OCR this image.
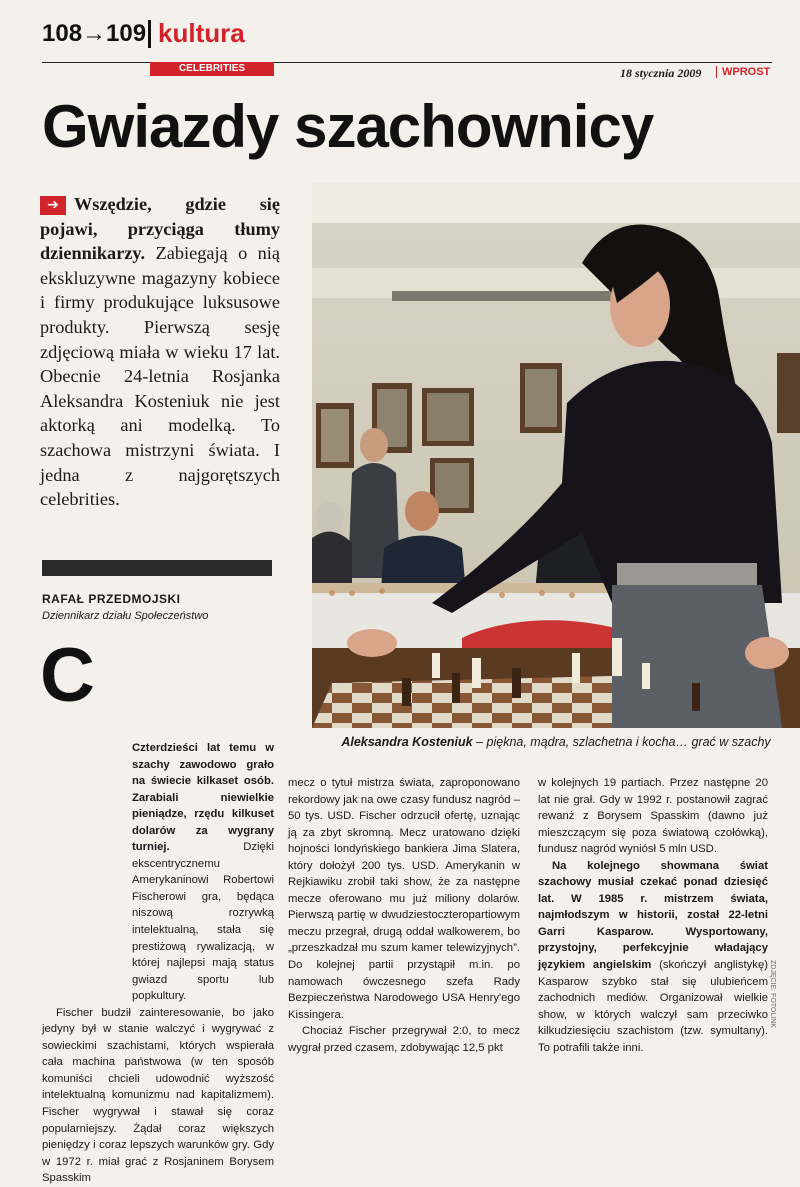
108→109 kultura
CELEBRITIES	18 stycznia 2009 WPROST
Gwiazdy szachownicy
➔ Wszędzie, gdzie się pojawi, przyciąga tłumy dziennikarzy. Zabiegają o nią ekskluzywne magazyny kobiece i firmy produkujące luksusowe produkty. Pierwszą sesję zdjęciową miała w wieku 17 lat. Obecnie 24-letnia Rosjanka Aleksandra Kosteniuk nie jest aktorką ani modelką. To szachowa mistrzyni świata. I jedna z najgorętszych celebrities.
RAFAŁ PRZEDMOJSKI
Dziennikarz działu Społeczeństwo
C
Aleksandra Kosteniuk – piękna, mądra, szlachetna i kocha… grać w szachy

Czterdzieści lat temu w szachy zawodowo grało na świecie kilkaset osób. Zarabiali niewielkie pieniądze, rzędu kilkuset dolarów za wygrany turniej. Dzięki ekscentrycznemu Amerykaninowi Robertowi Fischerowi gra, będąca niszową rozrywką intelektualną, stała się prestiżową rywalizacją, w której najlepsi mają status gwiazd sportu lub popkultury.

Fischer budził zainteresowanie, bo jako jedyny był w stanie walczyć i wygrywać z sowieckimi szachistami, których wspierała cała machina państwowa (w ten sposób komuniści chcieli udowodnić wyższość intelektualną komunizmu nad kapitalizmem). Fischer wygrywał i stawał się coraz popularniejszy. Żądał coraz większych pieniędzy i coraz lepszych warunków gry. Gdy w 1972 r. miał grać z Rosjaninem Borysem Spasskim

mecz o tytuł mistrza świata, zaproponowano rekordowy jak na owe czasy fundusz nagród – 50 tys. USD. Fischer odrzucił ofertę, uznając ją za zbyt skromną. Mecz uratowano dzięki hojności londyńskiego bankiera Jima Slatera, który dołożył 200 tys. USD. Amerykanin w Rejkiawiku zrobił taki show, że za następne mecze oferowano mu już miliony dolarów. Pierwszą partię w dwudziestoczteropartiowym meczu przegrał, drugą oddał walkowerem, bo „przeszkadzał mu szum kamer telewizyjnych”. Do kolejnej partii przystąpił m.in. po namowach ówczesnego szefa Rady Bezpieczeństwa Narodowego USA Henry'ego Kissingera.

Chociaż Fischer przegrywał 2:0, to mecz wygrał przed czasem, zdobywając 12,5 pkt

w kolejnych 19 partiach. Przez następne 20 lat nie grał. Gdy w 1992 r. postanowił zagrać rewanż z Borysem Spasskim (dawno już mieszczącym się poza światową czołówką), fundusz nagród wyniósł 5 mln USD.

Na kolejnego showmana świat szachowy musiał czekać ponad dziesięć lat. W 1985 r. mistrzem świata, najmłodszym w historii, został 22-letni Garri Kasparow. Wysportowany, przystojny, perfekcyjnie władający językiem angielskim (skończył anglistykę) Kasparow szybko stał się ulubieńcem zachodnich mediów. Organizował wielkie show, w których walczył sam przeciwko kilkudziesięciu szachistom (tzw. symultany). To potrafili także inni.

ZDJĘCIE: FOTOLINK
